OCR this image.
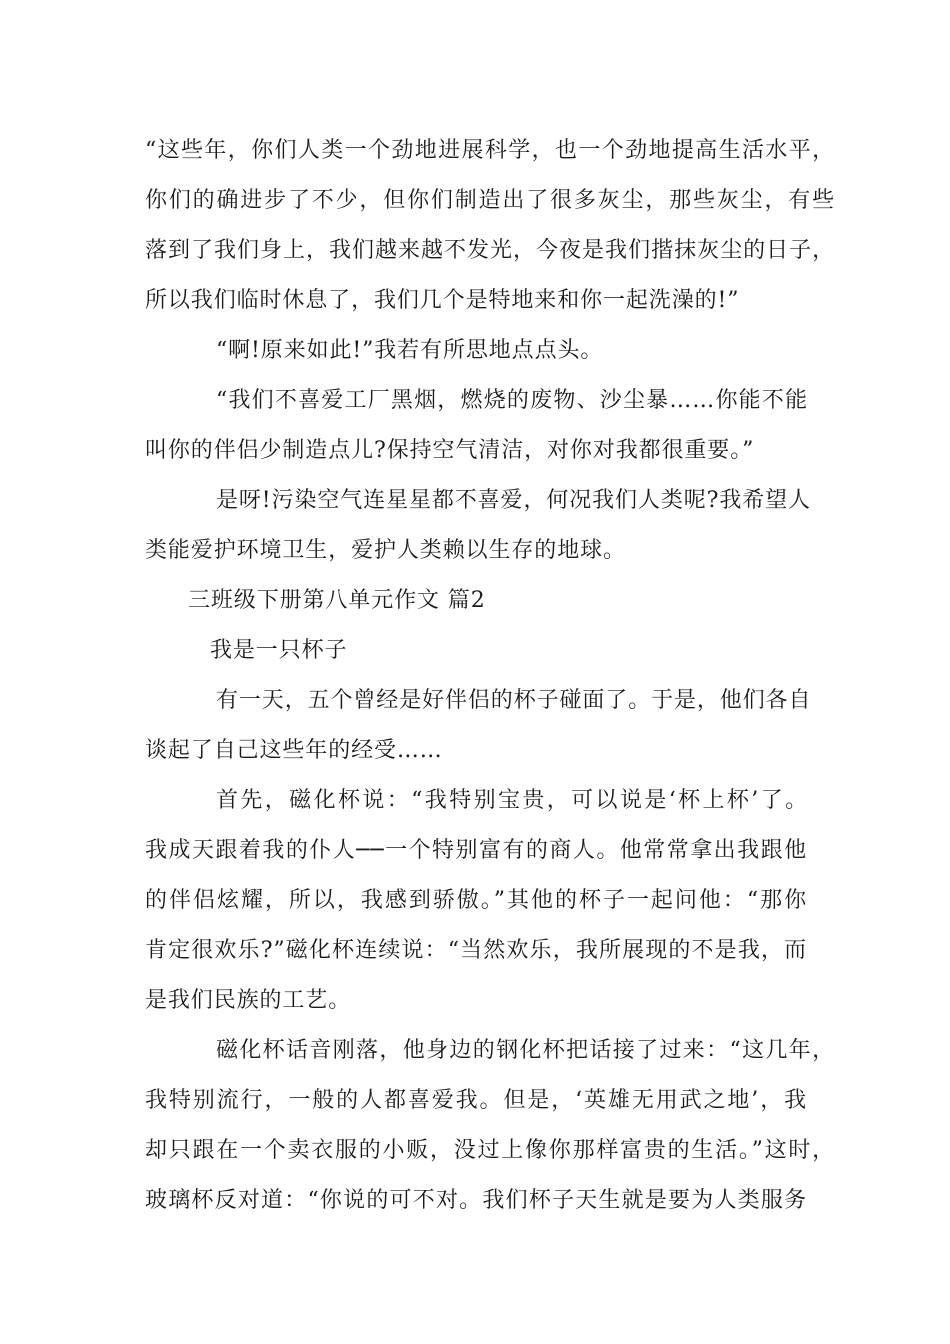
“这些年，你们人类一个劲地进展科学，也一个劲地提高生活水平，
你们的确进步了不少，但你们制造出了很多灰尘，那些灰尘，有些
落到了我们身上，我们越来越不发光，今夜是我们揩抹灰尘的日子，
所以我们临时休息了，我们几个是特地来和你一起洗澡的!”
“啊!原来如此!”我若有所思地点点头。
“我们不喜爱工厂黑烟，燃烧的废物、沙尘暴……你能不能
叫你的伴侣少制造点儿?保持空气清洁，对你对我都很重要。”
是呀!污染空气连星星都不喜爱，何况我们人类呢?我希望人
类能爱护环境卫生，爱护人类赖以生存的地球。
三班级下册第八单元作文 篇2
我是一只杯子
有一天，五个曾经是好伴侣的杯子碰面了。于是，他们各自
谈起了自己这些年的经受……
首先，磁化杯说：“我特别宝贵，可以说是‘杯上杯’了。
我成天跟着我的仆人──一个特别富有的商人。他常常拿出我跟他
的伴侣炫耀，所以，我感到骄傲。”其他的杯子一起问他：“那你
肯定很欢乐?”磁化杯连续说：“当然欢乐，我所展现的不是我，而
是我们民族的工艺。
磁化杯话音刚落，他身边的钢化杯把话接了过来：“这几年，
我特别流行，一般的人都喜爱我。但是，‘英雄无用武之地’，我
却只跟在一个卖衣服的小贩，没过上像你那样富贵的生活。”这时，
玻璃杯反对道：“你说的可不对。我们杯子天生就是要为人类服务
